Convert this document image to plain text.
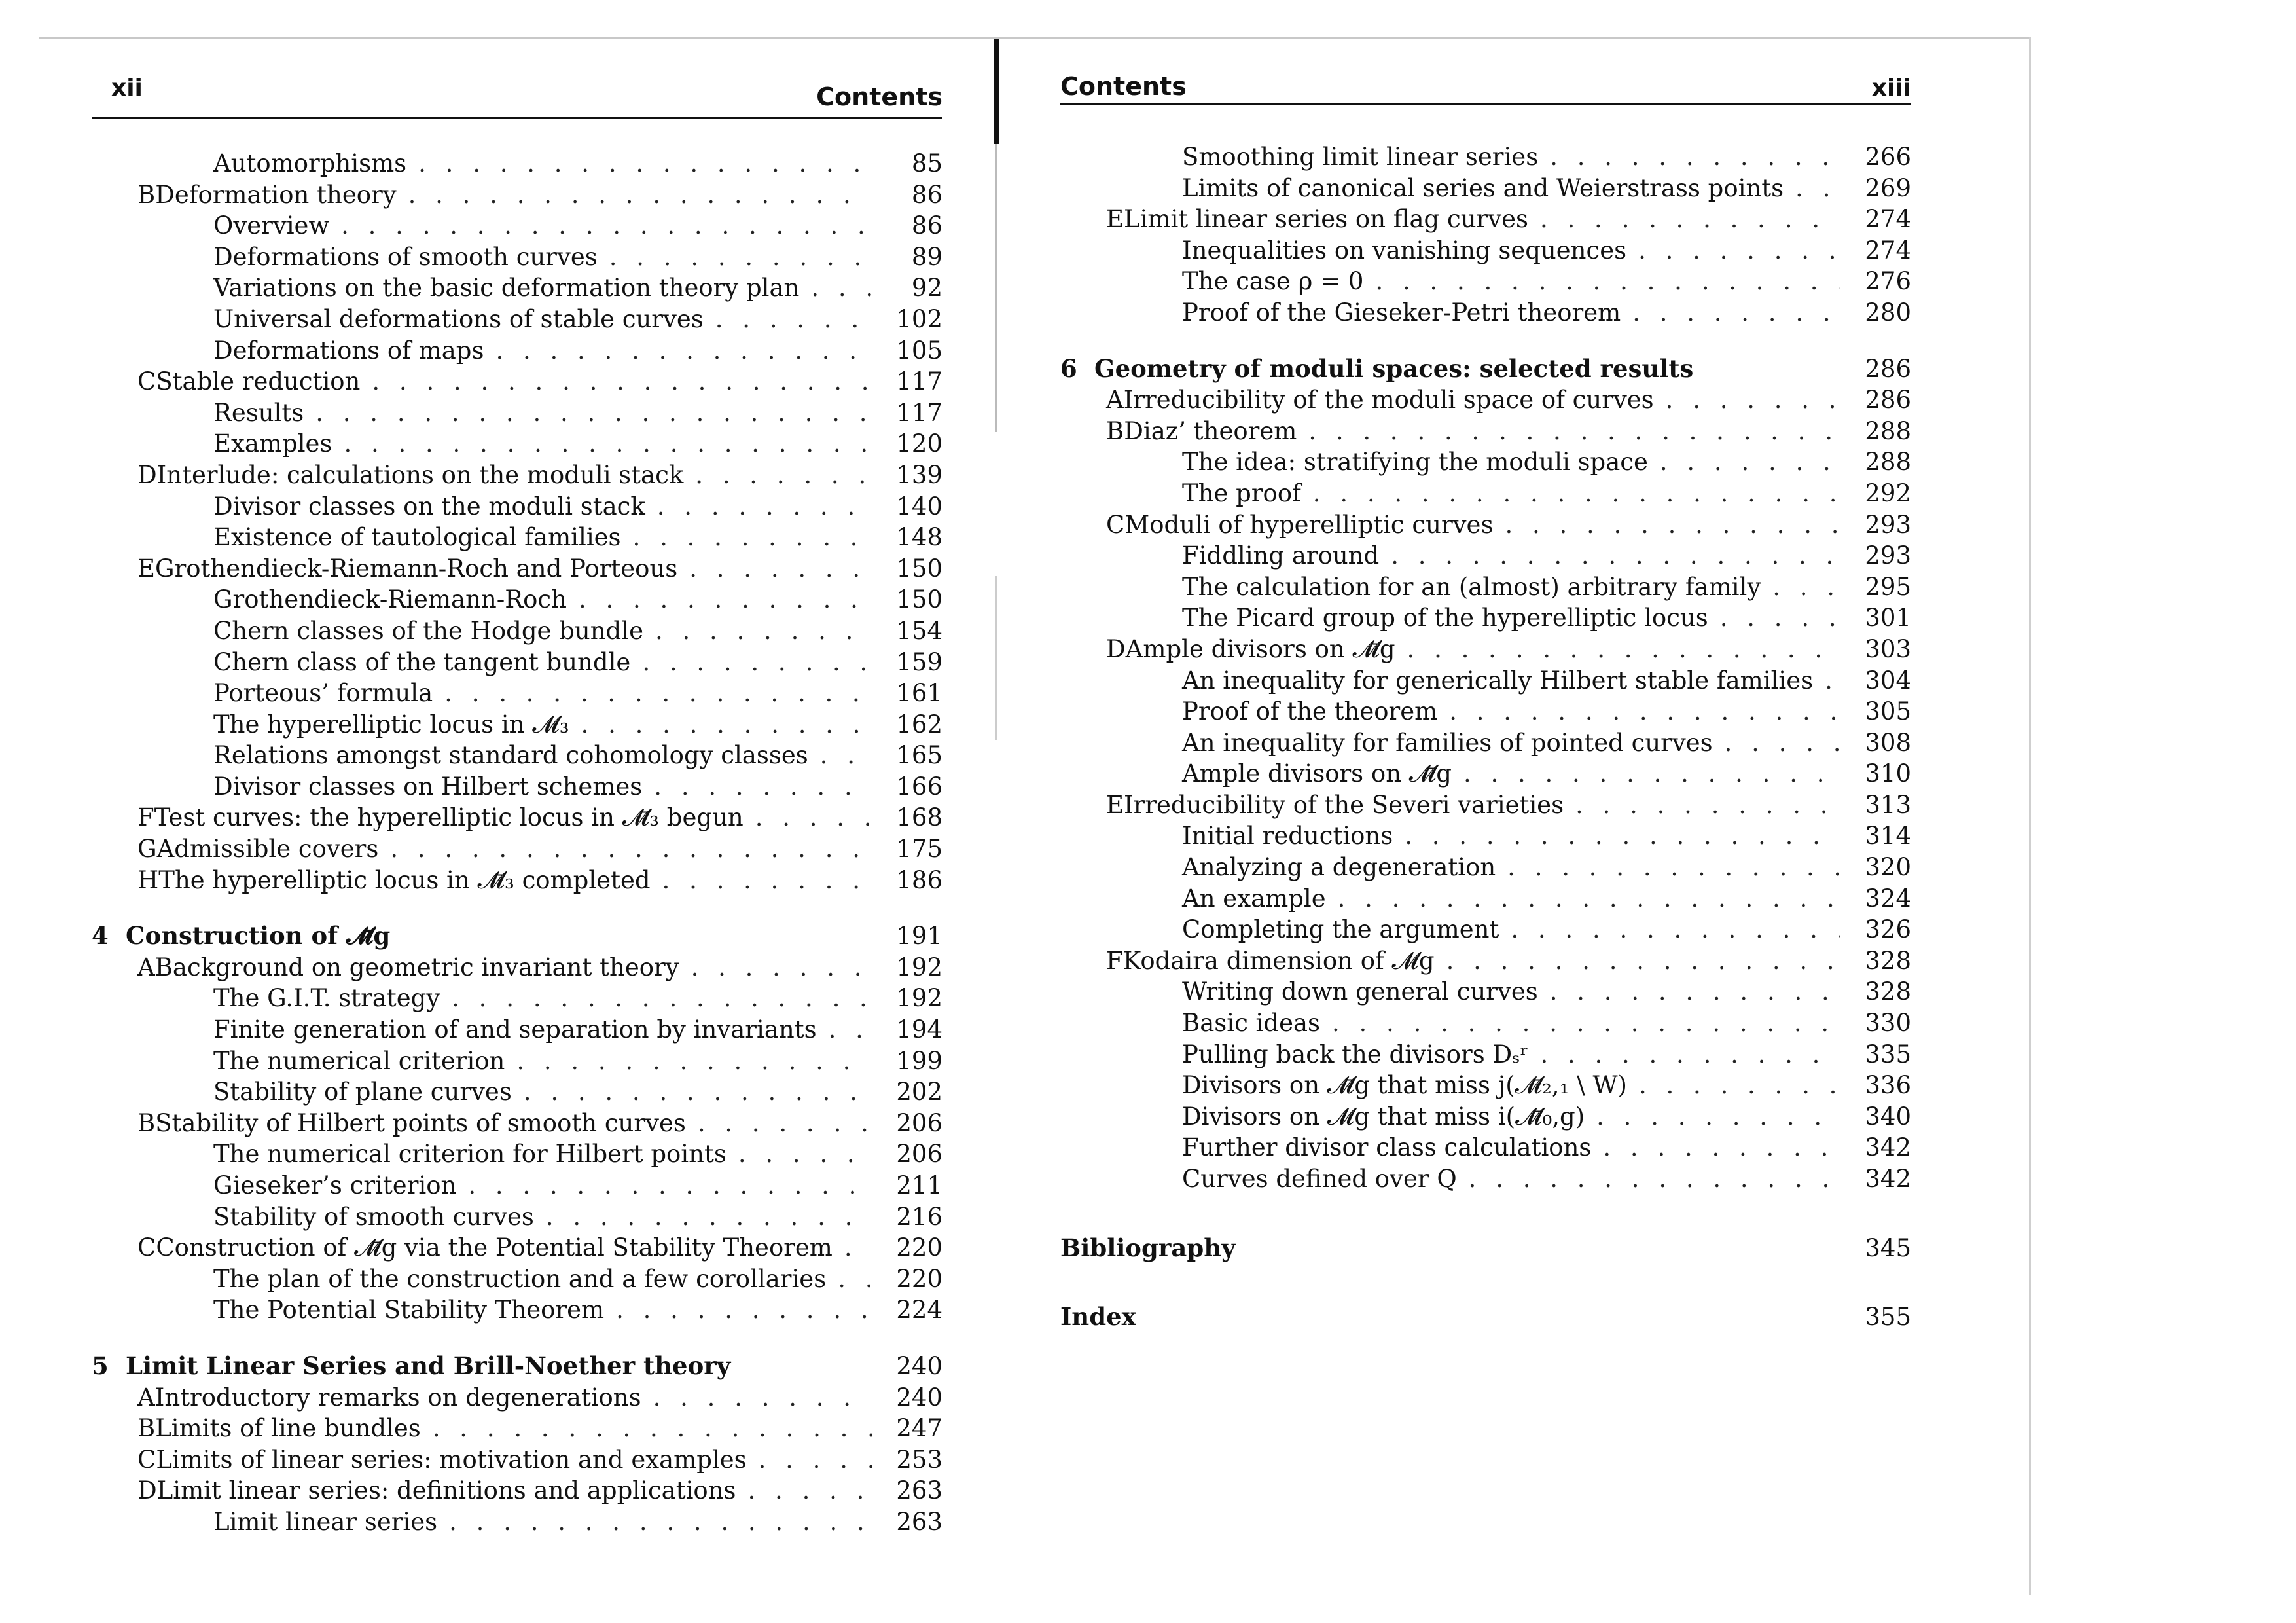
xii	Contents
Automorphisms . . .	85
B Deformation theory . . .	86
Overview . . .	86
Deformations of smooth curves . . .	89
Variations on the basic deformation theory plan . . .	92
Universal deformations of stable curves . . .	102
Deformations of maps . . .	105
C Stable reduction . . .	117
Results . . .	117
Examples . . .	120
D Interlude: calculations on the moduli stack . . .	139
Divisor classes on the moduli stack . . .	140
Existence of tautological families . . .	148
E Grothendieck-Riemann-Roch and Porteous . . .	150
Grothendieck-Riemann-Roch . . .	150
Chern classes of the Hodge bundle . . .	154
Chern class of the tangent bundle . . .	159
Porteous’ formula . . .	161
The hyperelliptic locus in 𝓜₃ . . .	162
Relations amongst standard cohomology classes . . .	165
Divisor classes on Hilbert schemes . . .	166
F Test curves: the hyperelliptic locus in 𝓜̄₃ begun . . .	168
G Admissible covers . . .	175
H The hyperelliptic locus in 𝓜̄₃ completed . . .	186
4 Construction of 𝓜̄g	191
A Background on geometric invariant theory . . .	192
The G.I.T. strategy . . .	192
Finite generation of and separation by invariants . . .	194
The numerical criterion . . .	199
Stability of plane curves . . .	202
B Stability of Hilbert points of smooth curves . . .	206
The numerical criterion for Hilbert points . . .	206
Gieseker’s criterion . . .	211
Stability of smooth curves . . .	216
C Construction of 𝓜̄g via the Potential Stability Theorem . . .	220
The plan of the construction and a few corollaries . . .	220
The Potential Stability Theorem . . .	224
5 Limit Linear Series and Brill-Noether theory	240
A Introductory remarks on degenerations . . .	240
B Limits of line bundles . . .	247
C Limits of linear series: motivation and examples . . .	253
D Limit linear series: definitions and applications . . .	263
Limit linear series . . .	263
Contents	xiii
Smoothing limit linear series . . .	266
Limits of canonical series and Weierstrass points . . .	269
E Limit linear series on flag curves . . .	274
Inequalities on vanishing sequences . . .	274
The case ρ = 0 . . .	276
Proof of the Gieseker-Petri theorem . . .	280
6 Geometry of moduli spaces: selected results	286
A Irreducibility of the moduli space of curves . . .	286
B Diaz’ theorem . . .	288
The idea: stratifying the moduli space . . .	288
The proof . . .	292
C Moduli of hyperelliptic curves . . .	293
Fiddling around . . .	293
The calculation for an (almost) arbitrary family . . .	295
The Picard group of the hyperelliptic locus . . .	301
D Ample divisors on 𝓜̄g . . .	303
An inequality for generically Hilbert stable families . . .	304
Proof of the theorem . . .	305
An inequality for families of pointed curves . . .	308
Ample divisors on 𝓜̄g . . .	310
E Irreducibility of the Severi varieties . . .	313
Initial reductions . . .	314
Analyzing a degeneration . . .	320
An example . . .	324
Completing the argument . . .	326
F Kodaira dimension of 𝓜g . . .	328
Writing down general curves . . .	328
Basic ideas . . .	330
Pulling back the divisors Dₛʳ . . .	335
Divisors on 𝓜̄g that miss j(𝓜̄₂,₁ \ W) . . .	336
Divisors on 𝓜g that miss i(𝓜̄₀,g) . . .	340
Further divisor class calculations . . .	342
Curves defined over Q . . .	342
Bibliography	345
Index	355
